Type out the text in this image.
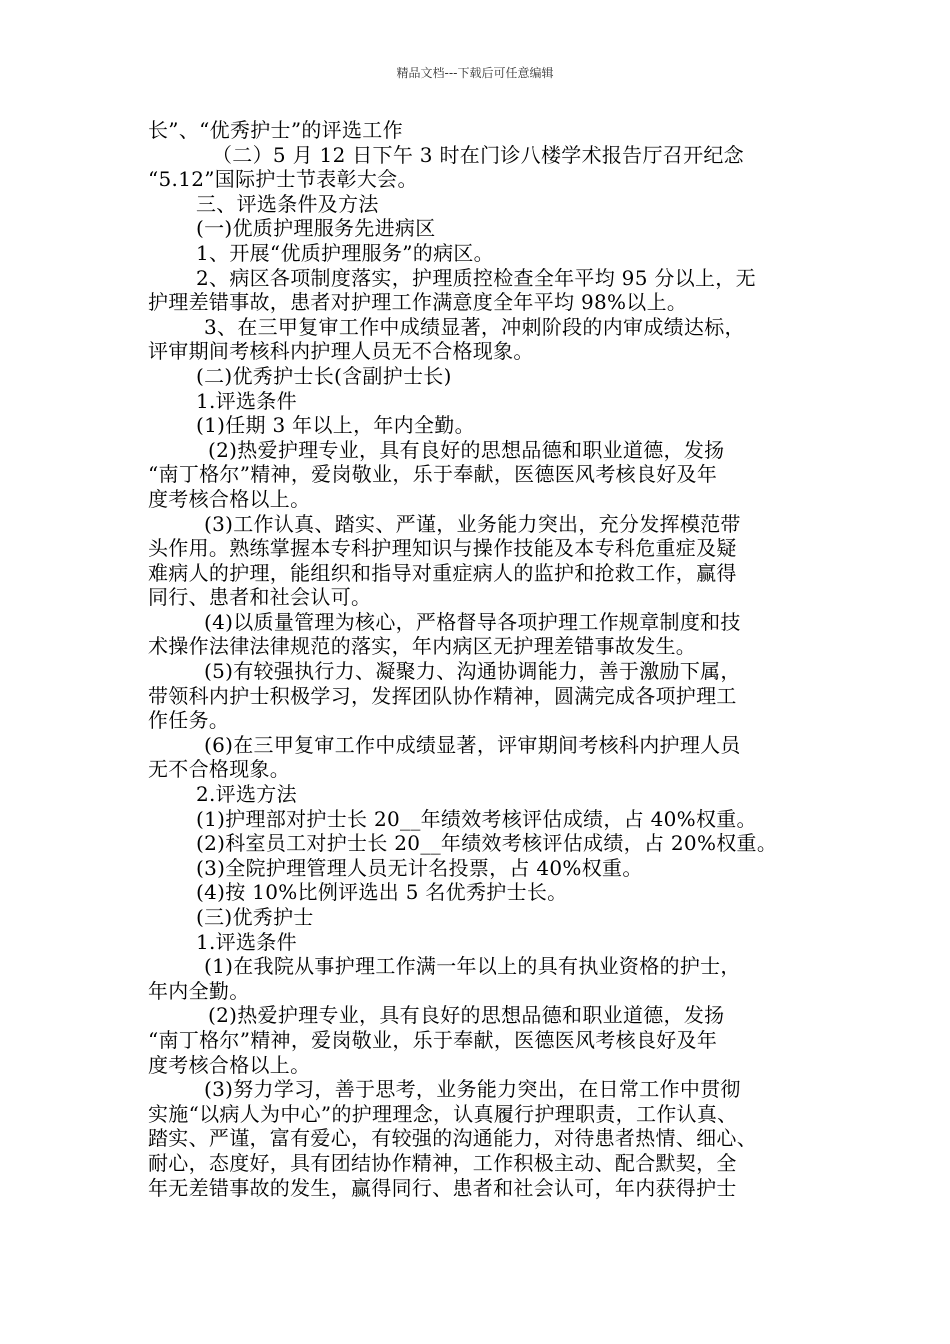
精品文档---下载后可任意编辑
长”、“优秀护士”的评选工作
（二）5 月 12 日下午 3 时在门诊八楼学术报告厅召开纪念
“5.12”国际护士节表彰大会。
三、评选条件及方法
(一)优质护理服务先进病区
1、开展“优质护理服务”的病区。
2、病区各项制度落实，护理质控检查全年平均 95 分以上，无
护理差错事故，患者对护理工作满意度全年平均 98%以上。
3、在三甲复审工作中成绩显著，冲刺阶段的内审成绩达标，
评审期间考核科内护理人员无不合格现象。
(二)优秀护士长(含副护士长)
1.评选条件
(1)任期 3 年以上，年内全勤。
(2)热爱护理专业，具有良好的思想品德和职业道德，发扬
“南丁格尔”精神，爱岗敬业，乐于奉献，医德医风考核良好及年
度考核合格以上。
(3)工作认真、踏实、严谨，业务能力突出，充分发挥模范带
头作用。熟练掌握本专科护理知识与操作技能及本专科危重症及疑
难病人的护理，能组织和指导对重症病人的监护和抢救工作，赢得
同行、患者和社会认可。
(4)以质量管理为核心，严格督导各项护理工作规章制度和技
术操作法律法律规范的落实，年内病区无护理差错事故发生。
(5)有较强执行力、凝聚力、沟通协调能力，善于激励下属，
带领科内护士积极学习，发挥团队协作精神，圆满完成各项护理工
作任务。
(6)在三甲复审工作中成绩显著，评审期间考核科内护理人员
无不合格现象。
2.评选方法
(1)护理部对护士长 20__年绩效考核评估成绩，占 40%权重。
(2)科室员工对护士长 20__年绩效考核评估成绩，占 20%权重。
(3)全院护理管理人员无计名投票，占 40%权重。
(4)按 10%比例评选出 5 名优秀护士长。
(三)优秀护士
1.评选条件
(1)在我院从事护理工作满一年以上的具有执业资格的护士，
年内全勤。
(2)热爱护理专业，具有良好的思想品德和职业道德，发扬
“南丁格尔”精神，爱岗敬业，乐于奉献，医德医风考核良好及年
度考核合格以上。
(3)努力学习，善于思考，业务能力突出，在日常工作中贯彻
实施“以病人为中心”的护理理念，认真履行护理职责，工作认真、
踏实、严谨，富有爱心，有较强的沟通能力，对待患者热情、细心、
耐心，态度好，具有团结协作精神，工作积极主动、配合默契，全
年无差错事故的发生，赢得同行、患者和社会认可，年内获得护士
